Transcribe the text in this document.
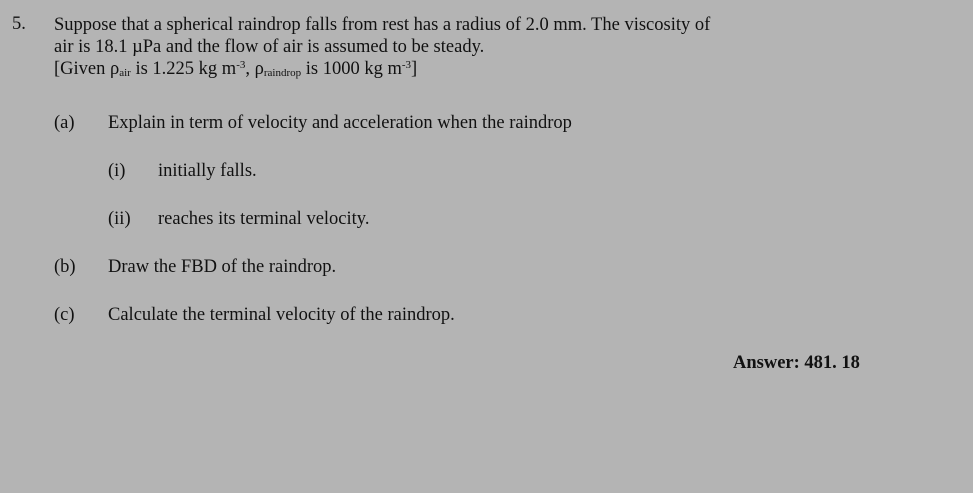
5. Suppose that a spherical raindrop falls from rest has a radius of 2.0 mm. The viscosity of
air is 18.1 µPa and the flow of air is assumed to be steady.
[Given $\rho_{air}$ is 1.225 kg $m^{-3}$, $\rho_{raindrop}$ is 1000 kg $m^{-3}$]
(a) Explain in term of velocity and acceleration when the raindrop
(i) initially falls.
(ii) reaches its terminal velocity.
(b) Draw the FBD of the raindrop.
(c) Calculate the terminal velocity of the raindrop.
Answer: 481. 18
